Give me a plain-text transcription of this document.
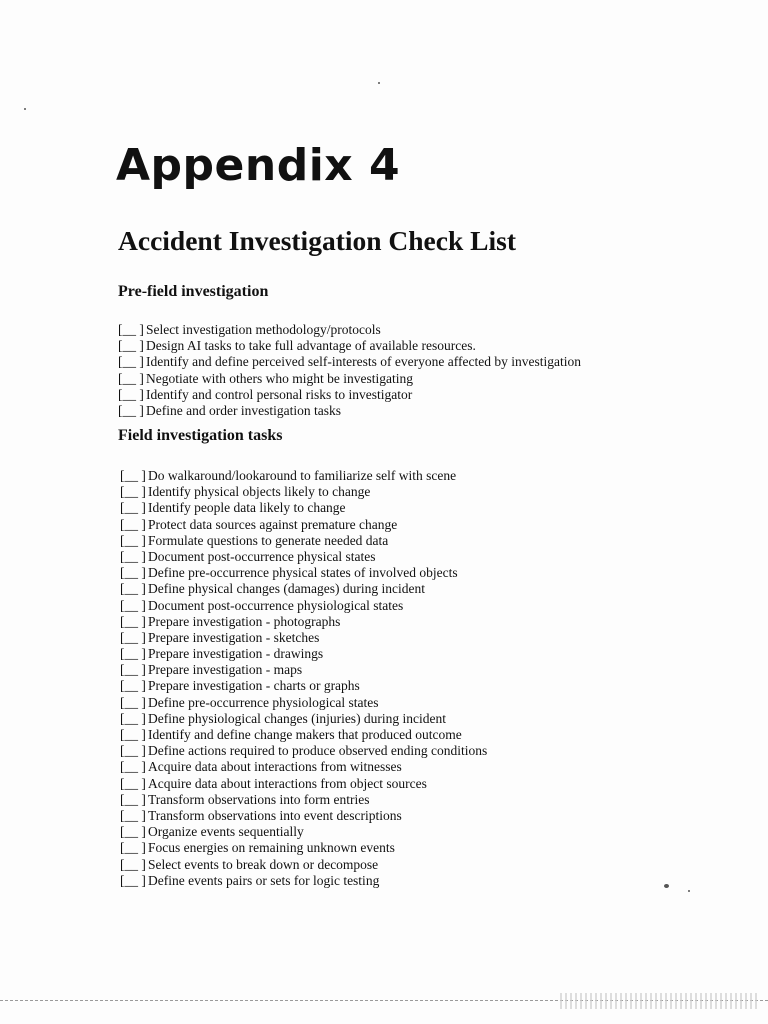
Appendix 4
Accident Investigation Check List
Pre-field investigation
[__ ] Select investigation methodology/protocols
[__ ] Design AI tasks to take full advantage of available resources.
[__ ] Identify and define perceived self-interests of everyone affected by investigation
[__ ] Negotiate with others who might be investigating
[__ ] Identify and control personal risks to investigator
[__ ] Define and order investigation tasks
Field investigation tasks
[__ ] Do walkaround/lookaround to familiarize self with scene
[__ ] Identify physical objects likely to change
[__ ] Identify people data likely to change
[__ ] Protect data sources against premature change
[__ ] Formulate questions to generate needed data
[__ ] Document post-occurrence physical states
[__ ] Define pre-occurrence physical states of involved objects
[__ ] Define physical changes (damages) during incident
[__ ] Document post-occurrence physiological states
[__ ] Prepare investigation - photographs
[__ ] Prepare investigation - sketches
[__ ] Prepare investigation - drawings
[__ ] Prepare investigation - maps
[__ ] Prepare investigation - charts or graphs
[__ ] Define pre-occurrence physiological states
[__ ] Define physiological changes (injuries) during incident
[__ ] Identify and define change makers that produced outcome
[__ ] Define actions required to produce observed ending conditions
[__ ] Acquire data about interactions from witnesses
[__ ] Acquire data about interactions from object sources
[__ ] Transform observations into form entries
[__ ] Transform observations into event descriptions
[__ ] Organize events sequentially
[__ ] Focus energies on remaining unknown events
[__ ] Select events to break down or decompose
[__ ] Define events pairs or sets for logic testing
